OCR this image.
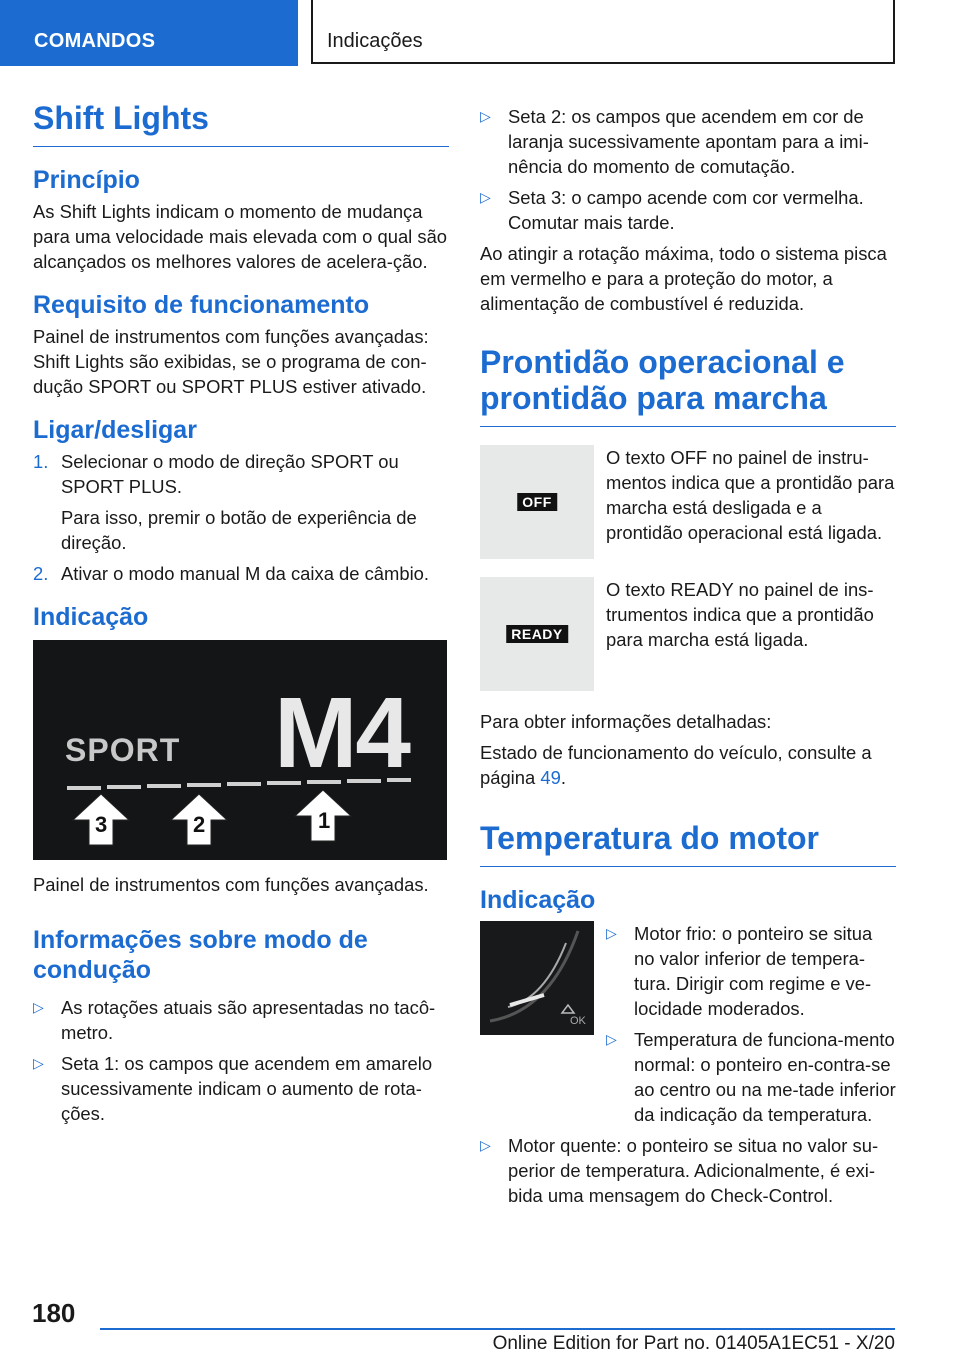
COMANDOS	Indicações
Shift Lights
Princípio

As Shift Lights indicam o momento de mudança para uma velocidade mais elevada com o qual são alcançados os melhores valores de acelera-ção.

Requisito de funcionamento

Painel de instrumentos com funções avançadas: Shift Lights são exibidas, se o programa de con-dução SPORT ou SPORT PLUS estiver ativado.

Ligar/desligar
1. Selecionar o modo de direção SPORT ou SPORT PLUS.

Para isso, premir o botão de experiência de direção.

2. Ativar o modo manual M da caixa de câmbio.
Indicação
M4
SPORT
3	2	1

Painel de instrumentos com funções avançadas.

Informações sobre modo de condução
▷ As rotações atuais são apresentadas no tacô-metro.
▷ Seta 1: os campos que acendem em amarelo sucessivamente indicam o aumento de rota-ções.
▷ Seta 2: os campos que acendem em cor de laranja sucessivamente apontam para a imi-nência do momento de comutação.
▷ Seta 3: o campo acende com cor vermelha. Comutar mais tarde.

Ao atingir a rotação máxima, todo o sistema pisca em vermelho e para a proteção do motor, a alimentação de combustível é reduzida.

Prontidão operacional e prontidão para marcha
OFF

O texto OFF no painel de instru-mentos indica que a prontidão para marcha está desligada e a prontidão operacional está ligada.

READY

O texto READY no painel de ins-trumentos indica que a prontidão para marcha está ligada.

Para obter informações detalhadas:

Estado de funcionamento do veículo, consulte a página 49.

Temperatura do motor
Indicação
OK
▷ Motor frio: o ponteiro se situa no valor inferior de tempera-tura. Dirigir com regime e ve-locidade moderados.
▷ Temperatura de funciona-mento normal: o ponteiro en-contra-se ao centro ou na me-tade inferior da indicação da temperatura.
▷ Motor quente: o ponteiro se situa no valor su-perior de temperatura. Adicionalmente, é exi-bida uma mensagem do Check-Control.
180
Online Edition for Part no. 01405A1EC51 - X/20
